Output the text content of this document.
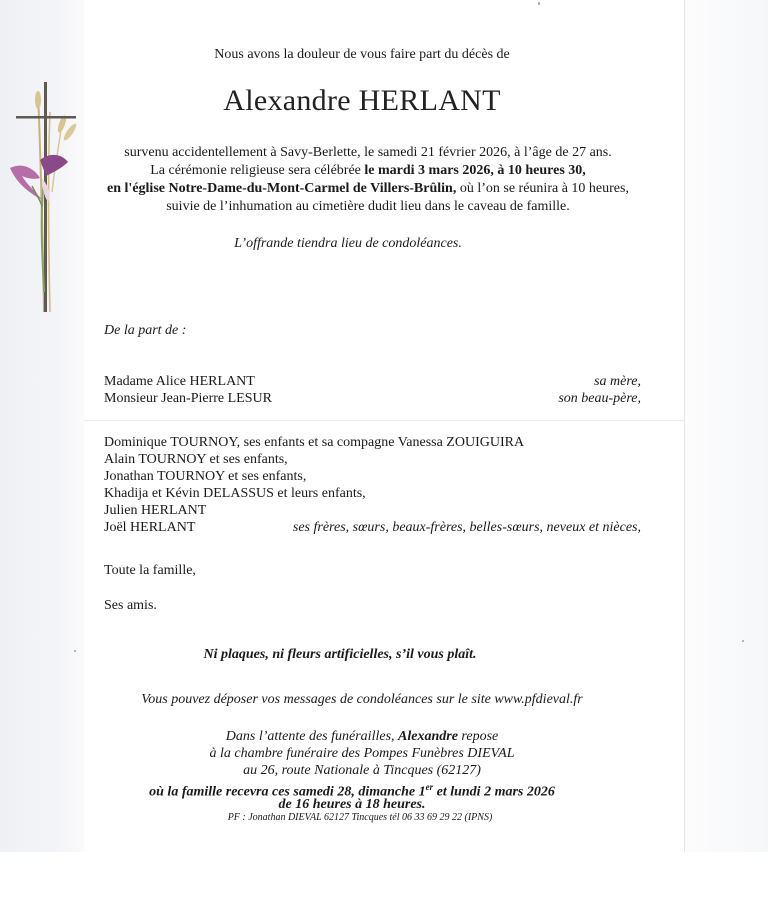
Nous avons la douleur de vous faire part du décès de
Alexandre HERLANT
survenu accidentellement à Savy-Berlette, le samedi 21 février 2026, à l’âge de 27 ans.
La cérémonie religieuse sera célébrée le mardi 3 mars 2026, à 10 heures 30,
en l'église Notre-Dame-du-Mont-Carmel de Villers-Brûlin, où l’on se réunira à 10 heures,
suivie de l’inhumation au cimetière dudit lieu dans le caveau de famille.
L’offrande tiendra lieu de condoléances.
De la part de :
Madame Alice HERLANT	sa mère,
Monsieur Jean-Pierre LESUR	son beau-père,
Dominique TOURNOY, ses enfants et sa compagne Vanessa ZOUIGUIRA
Alain TOURNOY et ses enfants,
Jonathan TOURNOY et ses enfants,
Khadija et Kévin DELASSUS et leurs enfants,
Julien HERLANT
Joël HERLANT	ses frères, sœurs, beaux-frères, belles-sœurs, neveux et nièces,
Toute la famille,
Ses amis.
Ni plaques, ni fleurs artificielles, s’il vous plaît.
Vous pouvez déposer vos messages de condoléances sur le site www.pfdieval.fr
Dans l’attente des funérailles, Alexandre repose
à la chambre funéraire des Pompes Funèbres DIEVAL
au 26, route Nationale à Tincques (62127)
où la famille recevra ces samedi 28, dimanche 1er et lundi 2 mars 2026
de 16 heures à 18 heures.
PF : Jonathan DIEVAL 62127 Tincques tél 06 33 69 29 22 (IPNS)
